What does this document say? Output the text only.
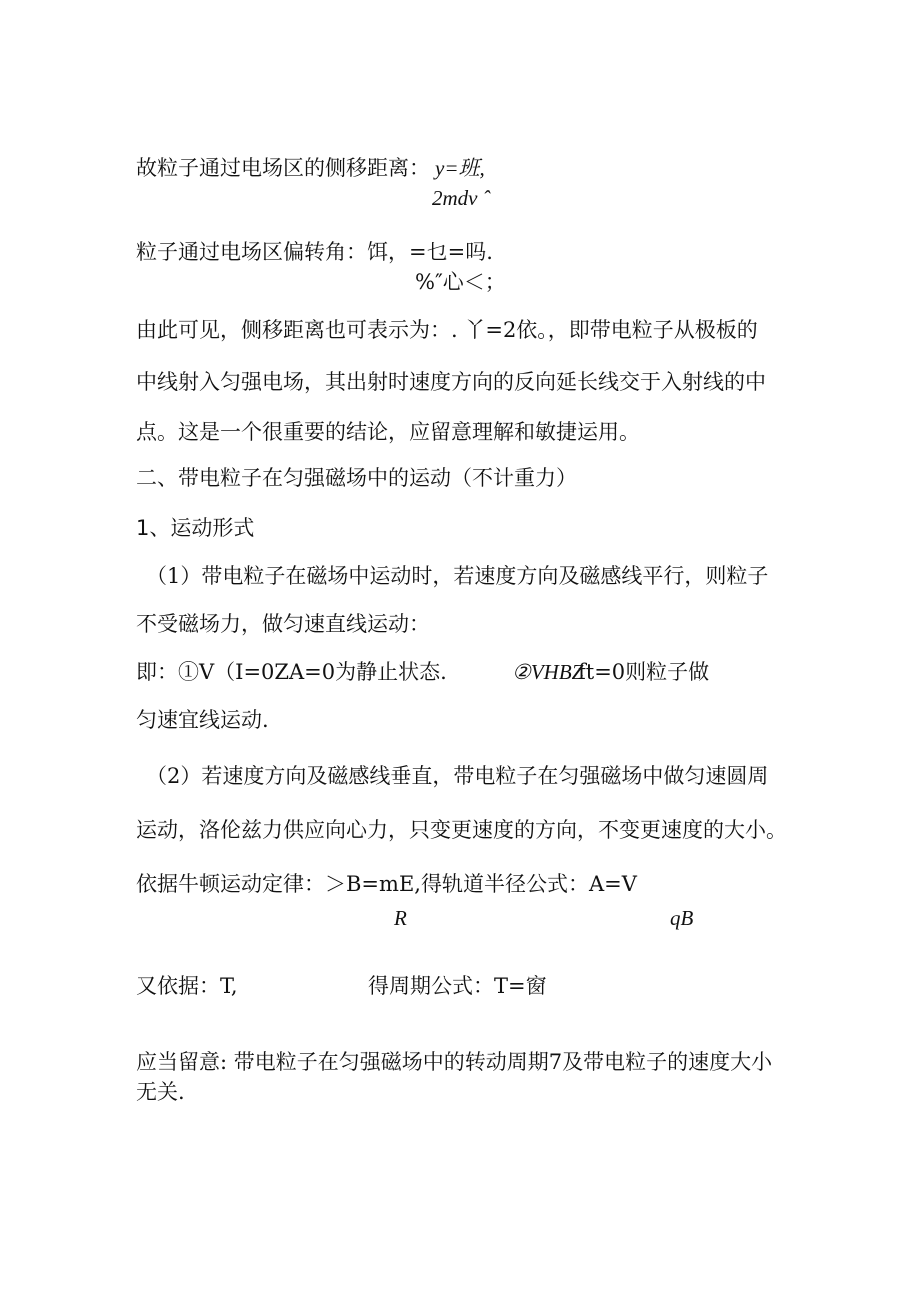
故粒子通过电场区的侧移距离： y=班,
2mdv ˆ
粒子通过电场区偏转角：饵，=乜=吗.
%″心＜；
由此可见，侧移距离也可表示为：. 丫=2依。，即带电粒子从极板的
中线射入匀强电场，其出射时速度方向的反向延长线交于入射线的中
点。这是一个很重要的结论，应留意理解和敏捷运用。
二、带电粒子在匀强磁场中的运动（不计重力）
1、运动形式
（1）带电粒子在磁场中运动时，若速度方向及磁感线平行，则粒子
不受磁场力，做匀速直线运动：
即：①V（I=0ZA=0为静止状态.	②VHBZ
ft=0则粒子做
匀速宜线运动.
（2）若速度方向及磁感线垂直，带电粒子在匀强磁场中做匀速圆周
运动，洛伦兹力供应向心力，只变更速度的方向，不变更速度的大小。
依据牛顿运动定律：＞B=mE,得轨道半径公式：A=V
R	qB
又依据：T,	得周期公式：T=窗
应当留意: 带电粒子在匀强磁场中的转动周期7及带电粒子的速度大小
无关.
